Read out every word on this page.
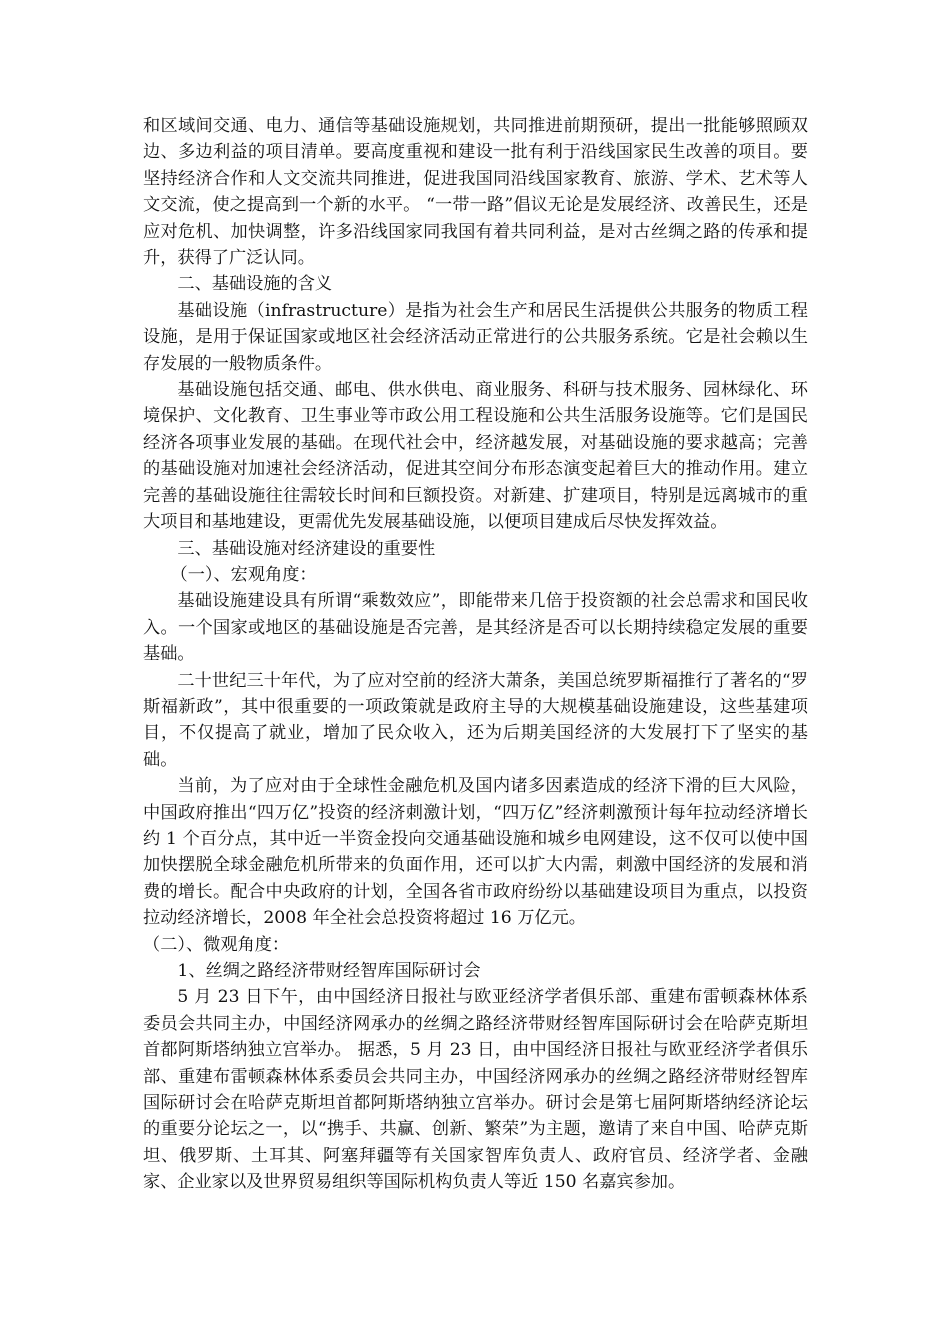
和区域间交通、电力、通信等基础设施规划，共同推进前期预研，提出一批能够照顾双边、多边利益的项目清单。要高度重视和建设一批有利于沿线国家民生改善的项目。要坚持经济合作和人文交流共同推进，促进我国同沿线国家教育、旅游、学术、艺术等人文交流，使之提高到一个新的水平。 “一带一路”倡议无论是发展经济、改善民生，还是应对危机、加快调整，许多沿线国家同我国有着共同利益，是对古丝绸之路的传承和提升，获得了广泛认同。

二、基础设施的含义

基础设施（infrastructure）是指为社会生产和居民生活提供公共服务的物质工程设施，是用于保证国家或地区社会经济活动正常进行的公共服务系统。它是社会赖以生存发展的一般物质条件。

基础设施包括交通、邮电、供水供电、商业服务、科研与技术服务、园林绿化、环境保护、文化教育、卫生事业等市政公用工程设施和公共生活服务设施等。它们是国民经济各项事业发展的基础。在现代社会中，经济越发展，对基础设施的要求越高；完善的基础设施对加速社会经济活动，促进其空间分布形态演变起着巨大的推动作用。建立完善的基础设施往往需较长时间和巨额投资。对新建、扩建项目，特别是远离城市的重大项目和基地建设，更需优先发展基础设施，以便项目建成后尽快发挥效益。

三、基础设施对经济建设的重要性

（一）、宏观角度：

基础设施建设具有所谓“乘数效应”，即能带来几倍于投资额的社会总需求和国民收入。一个国家或地区的基础设施是否完善，是其经济是否可以长期持续稳定发展的重要基础。

二十世纪三十年代，为了应对空前的经济大萧条，美国总统罗斯福推行了著名的“罗斯福新政”，其中很重要的一项政策就是政府主导的大规模基础设施建设，这些基建项目，不仅提高了就业，增加了民众收入，还为后期美国经济的大发展打下了坚实的基础。

当前，为了应对由于全球性金融危机及国内诸多因素造成的经济下滑的巨大风险，中国政府推出“四万亿”投资的经济刺激计划，“四万亿”经济刺激预计每年拉动经济增长约 1 个百分点，其中近一半资金投向交通基础设施和城乡电网建设，这不仅可以使中国加快摆脱全球金融危机所带来的负面作用，还可以扩大内需，刺激中国经济的发展和消费的增长。配合中央政府的计划，全国各省市政府纷纷以基础建设项目为重点，以投资拉动经济增长，2008 年全社会总投资将超过 16 万亿元。

（二）、微观角度：

1、丝绸之路经济带财经智库国际研讨会

5 月 23 日下午，由中国经济日报社与欧亚经济学者俱乐部、重建布雷顿森林体系委员会共同主办，中国经济网承办的丝绸之路经济带财经智库国际研讨会在哈萨克斯坦首都阿斯塔纳独立宫举办。 据悉，5 月 23 日，由中国经济日报社与欧亚经济学者俱乐部、重建布雷顿森林体系委员会共同主办，中国经济网承办的丝绸之路经济带财经智库国际研讨会在哈萨克斯坦首都阿斯塔纳独立宫举办。研讨会是第七届阿斯塔纳经济论坛的重要分论坛之一，以“携手、共赢、创新、繁荣”为主题，邀请了来自中国、哈萨克斯坦、俄罗斯、土耳其、阿塞拜疆等有关国家智库负责人、政府官员、经济学者、金融家、企业家以及世界贸易组织等国际机构负责人等近 150 名嘉宾参加。
